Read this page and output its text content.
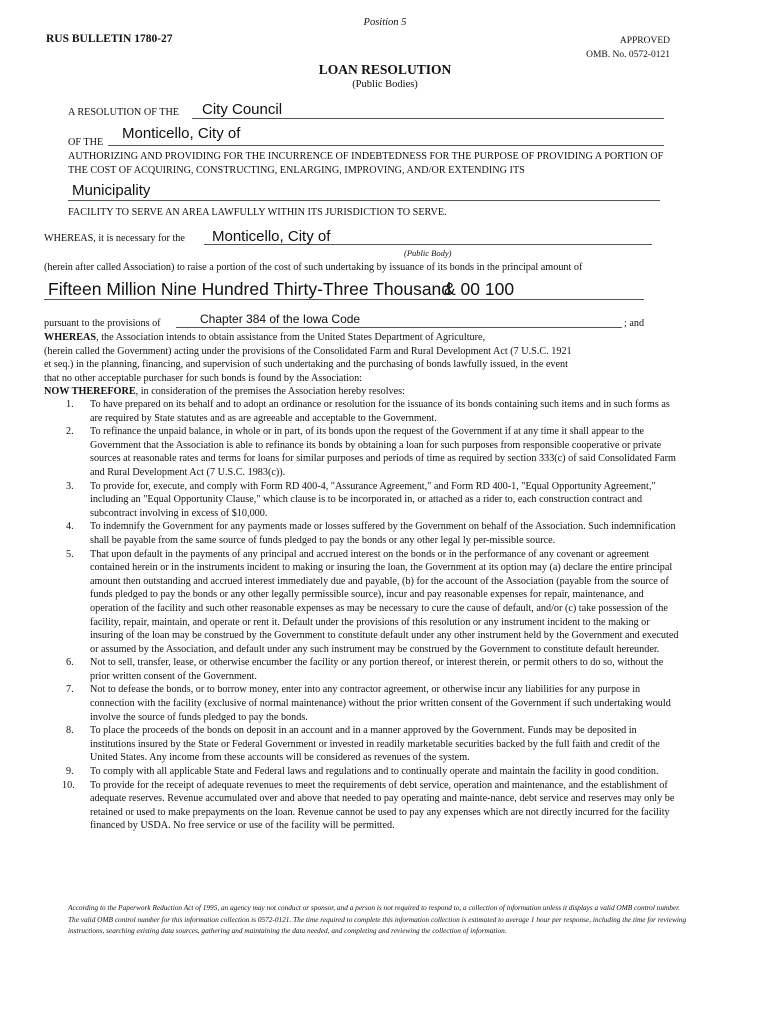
Position 5
RUS BULLETIN 1780-27	APPROVED
OMB. No. 0572-0121
LOAN RESOLUTION
(Public Bodies)
A RESOLUTION OF THE City Council
OF THE
Monticello, City of
AUTHORIZING AND PROVIDING FOR THE INCURRENCE OF INDEBTEDNESS FOR THE PURPOSE OF PROVIDING A PORTION OF THE COST OF ACQUIRING, CONSTRUCTING, ENLARGING, IMPROVING, AND/OR EXTENDING ITS
Municipality
FACILITY TO SERVE AN AREA LAWFULLY WITHIN ITS JURISDICTION TO SERVE.
WHEREAS, it is necessary for the Monticello, City of
(Public Body)
(herein after called Association) to raise a portion of the cost of such undertaking by issuance of its bonds in the principal amount of
Fifteen Million Nine Hundred Thirty-Three Thousand
& 00 100
pursuant to the provisions of	Chapter 384 of the Iowa Code	; and
WHEREAS, the Association intends to obtain assistance from the United States Department of Agriculture,
(herein called the Government) acting under the provisions of the Consolidated Farm and Rural Development Act (7 U.S.C. 1921
et seq.) in the planning, financing, and supervision of such undertaking and the purchasing of bonds lawfully issued, in the event
that no other acceptable purchaser for such bonds is found by the Association:
NOW THEREFORE, in consideration of the premises the Association hereby resolves:
1. To have prepared on its behalf and to adopt an ordinance or resolution for the issuance of its bonds containing such items and in such forms as are required by State statutes and as are agreeable and acceptable to the Government.
2. To refinance the unpaid balance, in whole or in part, of its bonds upon the request of the Government if at any time it shall appear to the Government that the Association is able to refinance its bonds by obtaining a loan for such purposes from responsible cooperative or private sources at reasonable rates and terms for loans for similar purposes and periods of time as required by section 333(c) of said Consolidated Farm and Rural Development Act (7 U.S.C. 1983(c)).
3. To provide for, execute, and comply with Form RD 400-4, "Assurance Agreement," and Form RD 400-1, "Equal Opportunity Agreement," including an "Equal Opportunity Clause," which clause is to be incorporated in, or attached as a rider to, each construction contract and subcontract involving in excess of $10,000.
4. To indemnify the Government for any payments made or losses suffered by the Government on behalf of the Association. Such indemnification shall be payable from the same source of funds pledged to pay the bonds or any other legal ly per-missible source.
5. That upon default in the payments of any principal and accrued interest on the bonds or in the performance of any covenant or agreement contained herein or in the instruments incident to making or insuring the loan, the Government at its option may (a) declare the entire principal amount then outstanding and accrued interest immediately due and payable, (b) for the account of the Association (payable from the source of funds pledged to pay the bonds or any other legally permissible source), incur and pay reasonable expenses for repair, maintenance, and operation of the facility and such other reasonable expenses as may be necessary to cure the cause of default, and/or (c) take possession of the facility, repair, maintain, and operate or rent it. Default under the provisions of this resolution or any instrument incident to the making or insuring of the loan may be construed by the Government to constitute default under any other instrument held by the Government and executed or assumed by the Association, and default under any such instrument may be construed by the Government to constitute default hereunder.
6. Not to sell, transfer, lease, or otherwise encumber the facility or any portion thereof, or interest therein, or permit others to do so, without the prior written consent of the Government.
7. Not to defease the bonds, or to borrow money, enter into any contractor agreement, or otherwise incur any liabilities for any purpose in connection with the facility (exclusive of normal maintenance) without the prior written consent of the Government if such undertaking would involve the source of funds pledged to pay the bonds.
8. To place the proceeds of the bonds on deposit in an account and in a manner approved by the Government. Funds may be deposited in institutions insured by the State or Federal Government or invested in readily marketable securities backed by the full faith and credit of the United States. Any income from these accounts will be considered as revenues of the system.
9. To comply with all applicable State and Federal laws and regulations and to continually operate and maintain the facility in good condition.
10. To provide for the receipt of adequate revenues to meet the requirements of debt service, operation and maintenance, and the establishment of adequate reserves. Revenue accumulated over and above that needed to pay operating and mainte-nance, debt service and reserves may only be retained or used to make prepayments on the loan. Revenue cannot be used to pay any expenses which are not directly incurred for the facility financed by USDA. No free service or use of the facility will be permitted.
According to the Paperwork Reduction Act of 1995, an agency may not conduct or sponsor, and a person is not required to respond to, a collection of information unless it displays a valid OMB control number. The valid OMB control number for this information collection is 0572-0121. The time required to complete this information collection is estimated to average 1 hour per response, including the time for reviewing instructions, searching existing data sources, gathering and maintaining the data needed, and completing and reviewing the collection of information.
